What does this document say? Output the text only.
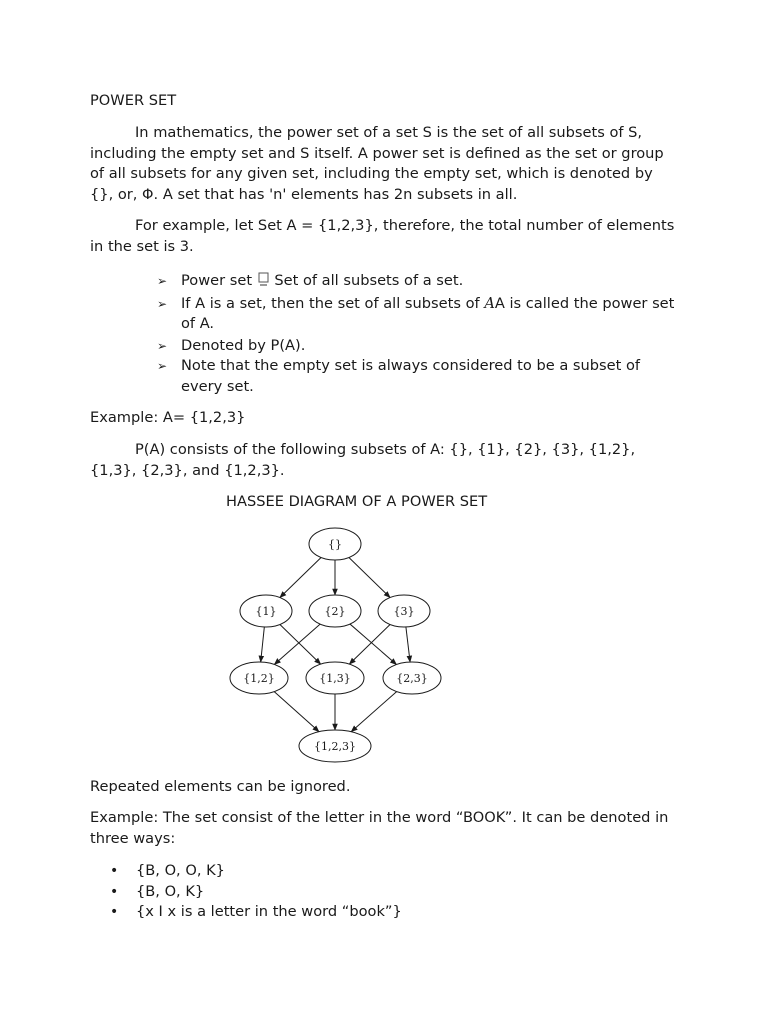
POWER SET

In mathematics, the power set of a set S is the set of all subsets of S, including the empty set and S itself. A power set is defined as the set or group of all subsets for any given set, including the empty set, which is denoted by {}, or, Φ. A set that has 'n' elements has 2n subsets in all.

For example, let Set A = {1,2,3}, therefore, the total number of elements in the set is 3.

➢ Power set Set of all subsets of a set.
➢ If A is a set, then the set of all subsets of AA is called the power set of A.
➢ Denoted by P(A).
➢ Note that the empty set is always considered to be a subset of every set.

Example: A= {1,2,3}

P(A) consists of the following subsets of A: {}, {1}, {2}, {3}, {1,2}, {1,3}, {2,3}, and {1,2,3}.

HASSEE DIAGRAM OF A POWER SET

{}
{1}	{2}	{3}
{1,2}	{1,3}	{2,3}
{1,2,3}

Repeated elements can be ignored.

Example: The set consist of the letter in the word “BOOK”. It can be denoted in three ways:

• {B, O, O, K}
• {B, O, K}
• {x I x is a letter in the word “book”}
